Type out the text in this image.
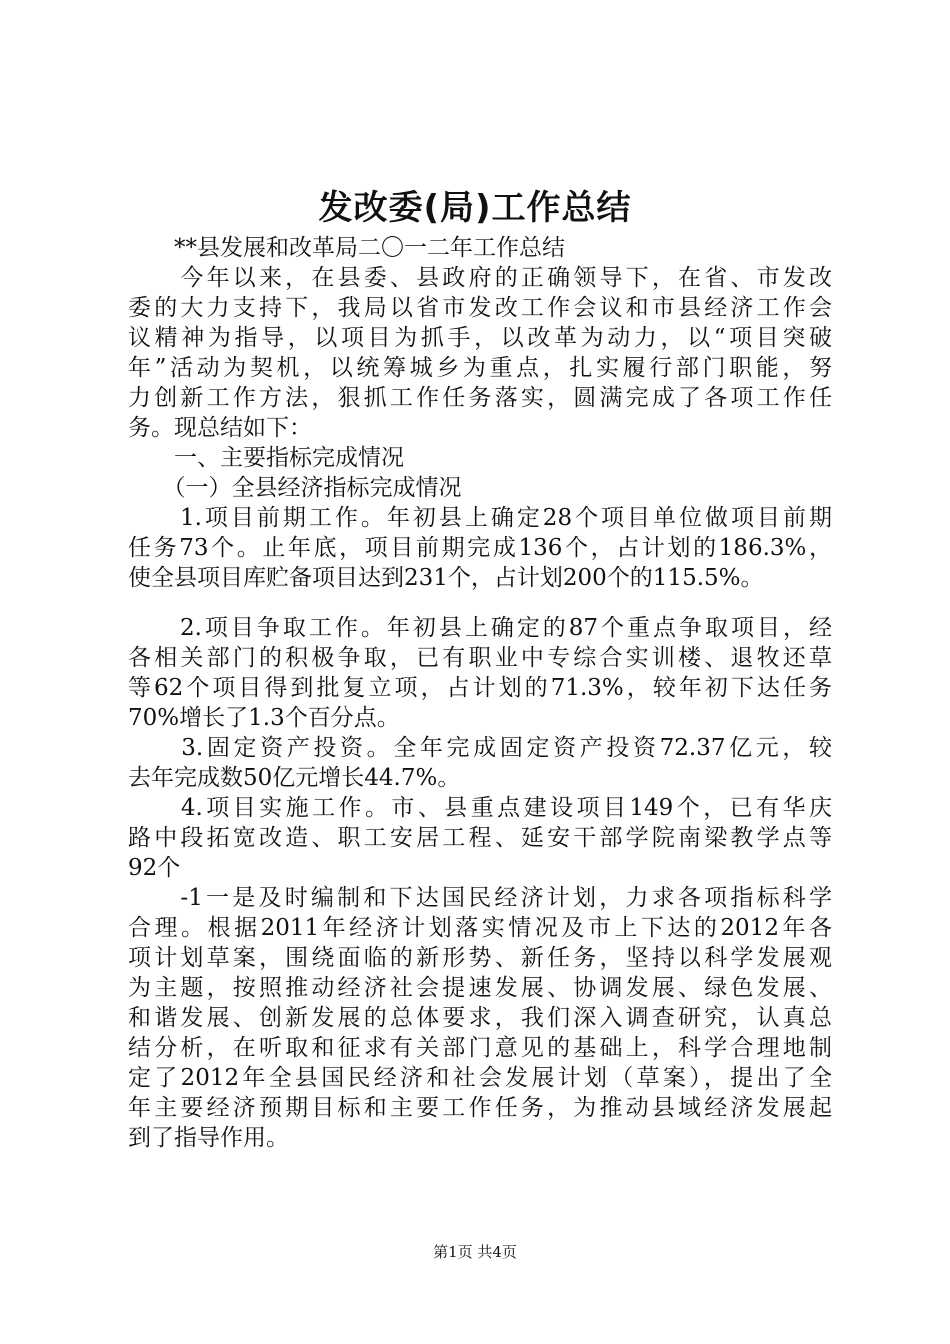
发改委(局)工作总结
　　**县发展和改革局二〇一二年工作总结
　　今年以来，在县委、县政府的正确领导下，在省、市发改
委的大力支持下，我局以省市发改工作会议和市县经济工作会
议精神为指导，以项目为抓手，以改革为动力，以“项目突破
年”活动为契机，以统筹城乡为重点，扎实履行部门职能，努
力创新工作方法，狠抓工作任务落实，圆满完成了各项工作任
务。现总结如下：
　　一、主要指标完成情况
　　（一）全县经济指标完成情况
　　1.项目前期工作。年初县上确定28个项目单位做项目前期
任务73个。止年底，项目前期完成136个，占计划的186.3%，
使全县项目库贮备项目达到231个，占计划200个的115.5%。
　　2.项目争取工作。年初县上确定的87个重点争取项目，经
各相关部门的积极争取，已有职业中专综合实训楼、退牧还草
等62个项目得到批复立项，占计划的71.3%，较年初下达任务
70%增长了1.3个百分点。
　　3.固定资产投资。全年完成固定资产投资72.37亿元，较
去年完成数50亿元增长44.7%。
　　4.项目实施工作。市、县重点建设项目149个，已有华庆
路中段拓宽改造、职工安居工程、延安干部学院南梁教学点等
92个
　　-1一是及时编制和下达国民经济计划，力求各项指标科学
合理。根据2011年经济计划落实情况及市上下达的2012年各
项计划草案，围绕面临的新形势、新任务，坚持以科学发展观
为主题，按照推动经济社会提速发展、协调发展、绿色发展、
和谐发展、创新发展的总体要求，我们深入调查研究，认真总
结分析，在听取和征求有关部门意见的基础上，科学合理地制
定了2012年全县国民经济和社会发展计划（草案），提出了全
年主要经济预期目标和主要工作任务，为推动县域经济发展起
到了指导作用。
第1页 共4页
